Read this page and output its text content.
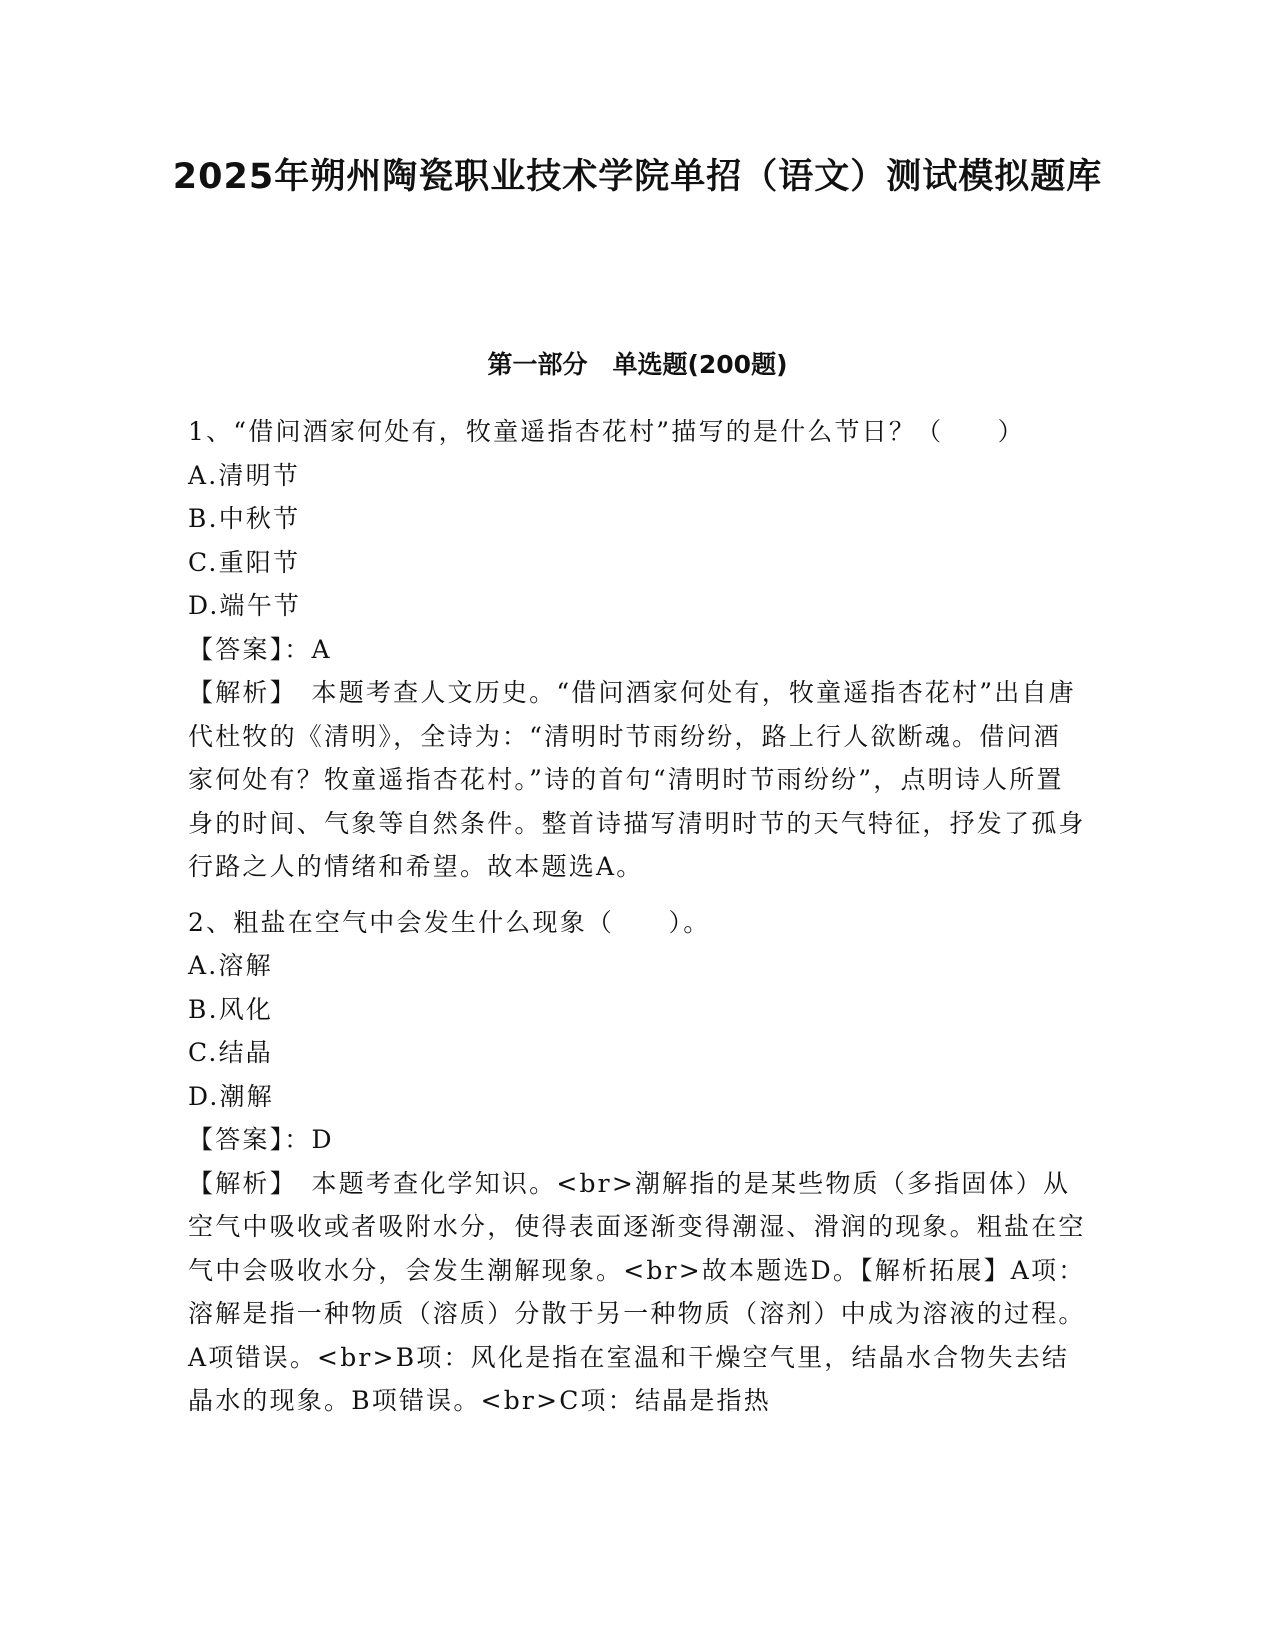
2025年朔州陶瓷职业技术学院单招（语文）测试模拟题库
第一部分　单选题(200题)

1、“借问酒家何处有，牧童遥指杏花村”描写的是什么节日？（　　）

A.清明节

B.中秋节

C.重阳节

D.端午节

【答案】：A

【解析】　本题考查人文历史。“借问酒家何处有，牧童遥指杏花村”出自唐代杜牧的《清明》，全诗为：“清明时节雨纷纷，路上行人欲断魂。借问酒家何处有？牧童遥指杏花村。”诗的首句“清明时节雨纷纷”，点明诗人所置身的时间、气象等自然条件。整首诗描写清明时节的天气特征，抒发了孤身行路之人的情绪和希望。故本题选A。

2、粗盐在空气中会发生什么现象（　　）。

A.溶解

B.风化

C.结晶

D.潮解

【答案】：D

【解析】　本题考查化学知识。<br>潮解指的是某些物质（多指固体）从空气中吸收或者吸附水分，使得表面逐渐变得潮湿、滑润的现象。粗盐在空气中会吸收水分，会发生潮解现象。<br>故本题选D。【解析拓展】A项：溶解是指一种物质（溶质）分散于另一种物质（溶剂）中成为溶液的过程。A项错误。<br>B项：风化是指在室温和干燥空气里，结晶水合物失去结晶水的现象。B项错误。<br>C项：结晶是指热
